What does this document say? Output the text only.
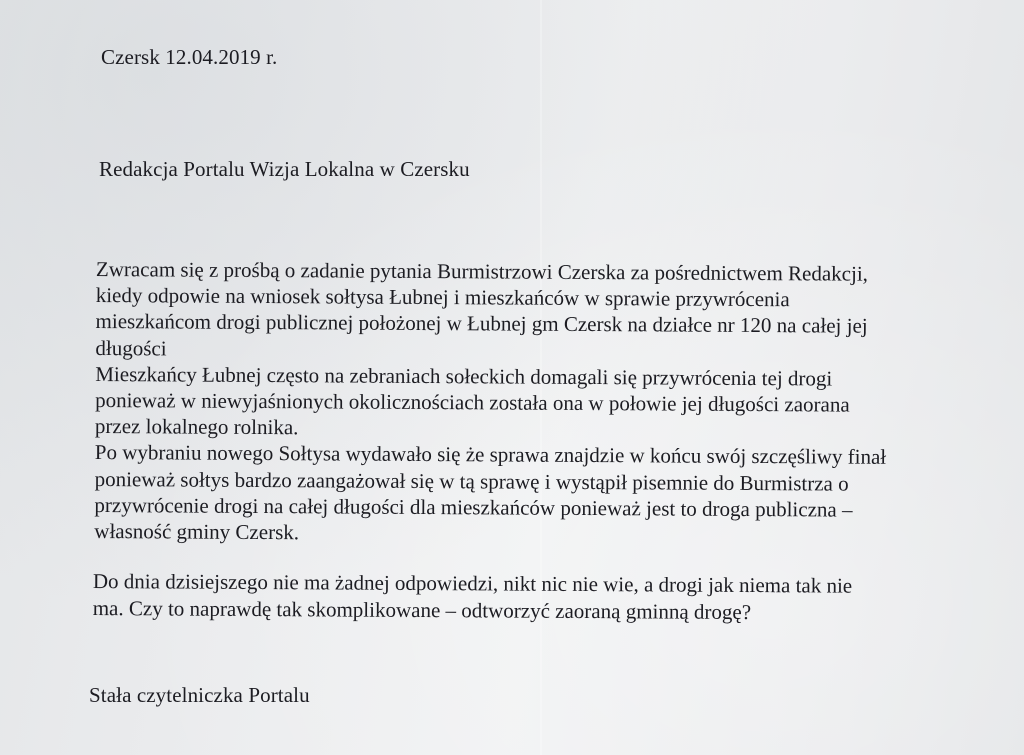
Czersk 12.04.2019 r.
Redakcja Portalu Wizja Lokalna w Czersku
Zwracam się z prośbą o zadanie pytania Burmistrzowi Czerska za pośrednictwem Redakcji,
kiedy odpowie na wniosek sołtysa Łubnej i mieszkańców w sprawie przywrócenia
mieszkańcom drogi publicznej położonej w Łubnej gm Czersk na działce nr 120 na całej jej
długości
Mieszkańcy Łubnej często na zebraniach sołeckich domagali się przywrócenia tej drogi
ponieważ w niewyjaśnionych okolicznościach została ona w połowie jej długości zaorana
przez lokalnego rolnika.
Po wybraniu nowego Sołtysa wydawało się że sprawa znajdzie w końcu swój szczęśliwy finał
ponieważ sołtys bardzo zaangażował się w tą sprawę i wystąpił pisemnie do Burmistrza o
przywrócenie drogi na całej długości dla mieszkańców ponieważ jest to droga publiczna –
własność gminy Czersk.
Do dnia dzisiejszego nie ma żadnej odpowiedzi, nikt nic nie wie, a drogi jak niema tak nie
ma. Czy to naprawdę tak skomplikowane – odtworzyć zaoraną gminną drogę?
Stała czytelniczka Portalu
